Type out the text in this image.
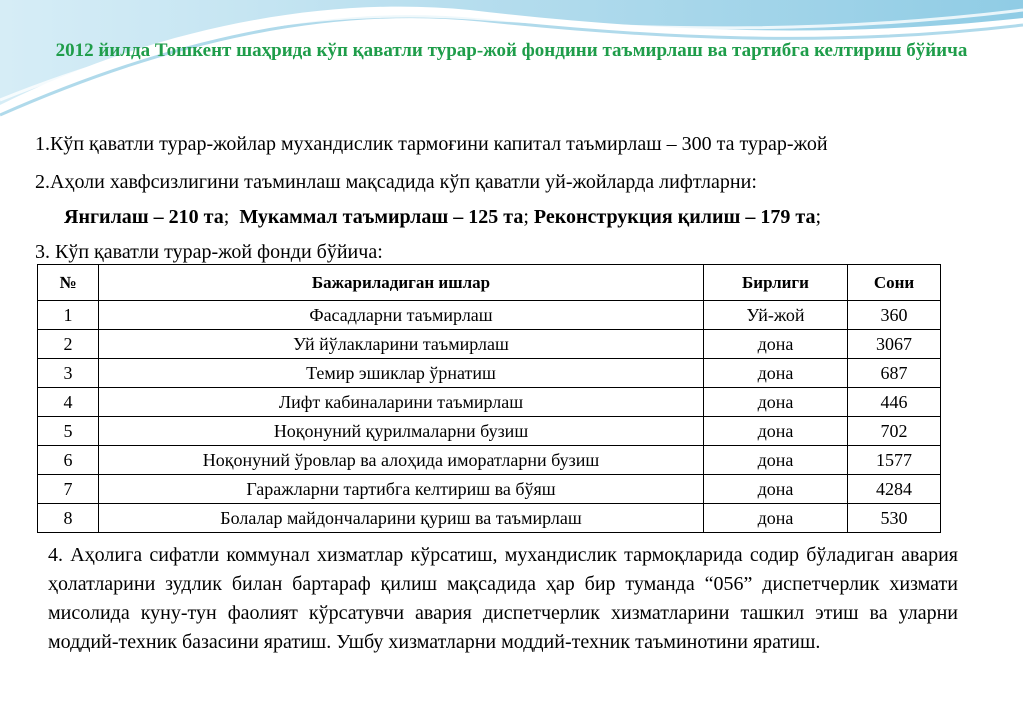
2012 йилда Тошкент шаҳрида кўп қаватли турар-жой фондини таъмирлаш ва тартибга келтириш бўйича
1.Кўп қаватли турар-жойлар мухандислик тармоғини капитал таъмирлаш – 300 та турар-жой
2.Аҳоли хавфсизлигини таъминлаш мақсадида кўп қаватли уй-жойларда лифтларни:
Янгилаш – 210 та;  Мукаммал таъмирлаш – 125 та; Реконструкция қилиш – 179 та;
3. Кўп қаватли турар-жой фонди бўйича:
№	Бажариладиган ишлар	Бирлиги	Сони
1	Фасадларни таъмирлаш	Уй-жой	360
2	Уй йўлакларини таъмирлаш	дона	3067
3	Темир эшиклар ўрнатиш	дона	687
4	Лифт кабиналарини таъмирлаш	дона	446
5	Ноқонуний қурилмаларни бузиш	дона	702
6	Ноқонуний ўровлар ва алоҳида иморатларни бузиш	дона	1577
7	Гаражларни тартибга келтириш ва бўяш	дона	4284
8	Болалар майдончаларини қуриш ва таъмирлаш	дона	530
4. Аҳолига сифатли коммунал хизматлар кўрсатиш, мухандислик тармоқларида содир бўладиган авария ҳолатларини зудлик билан бартараф қилиш мақсадида ҳар бир туманда “056” диспетчерлик хизмати мисолида куну-тун фаолият кўрсатувчи авария диспетчерлик хизматларини ташкил этиш ва уларни моддий-техник базасини яратиш. Ушбу хизматларни моддий-техник таъминотини яратиш.
